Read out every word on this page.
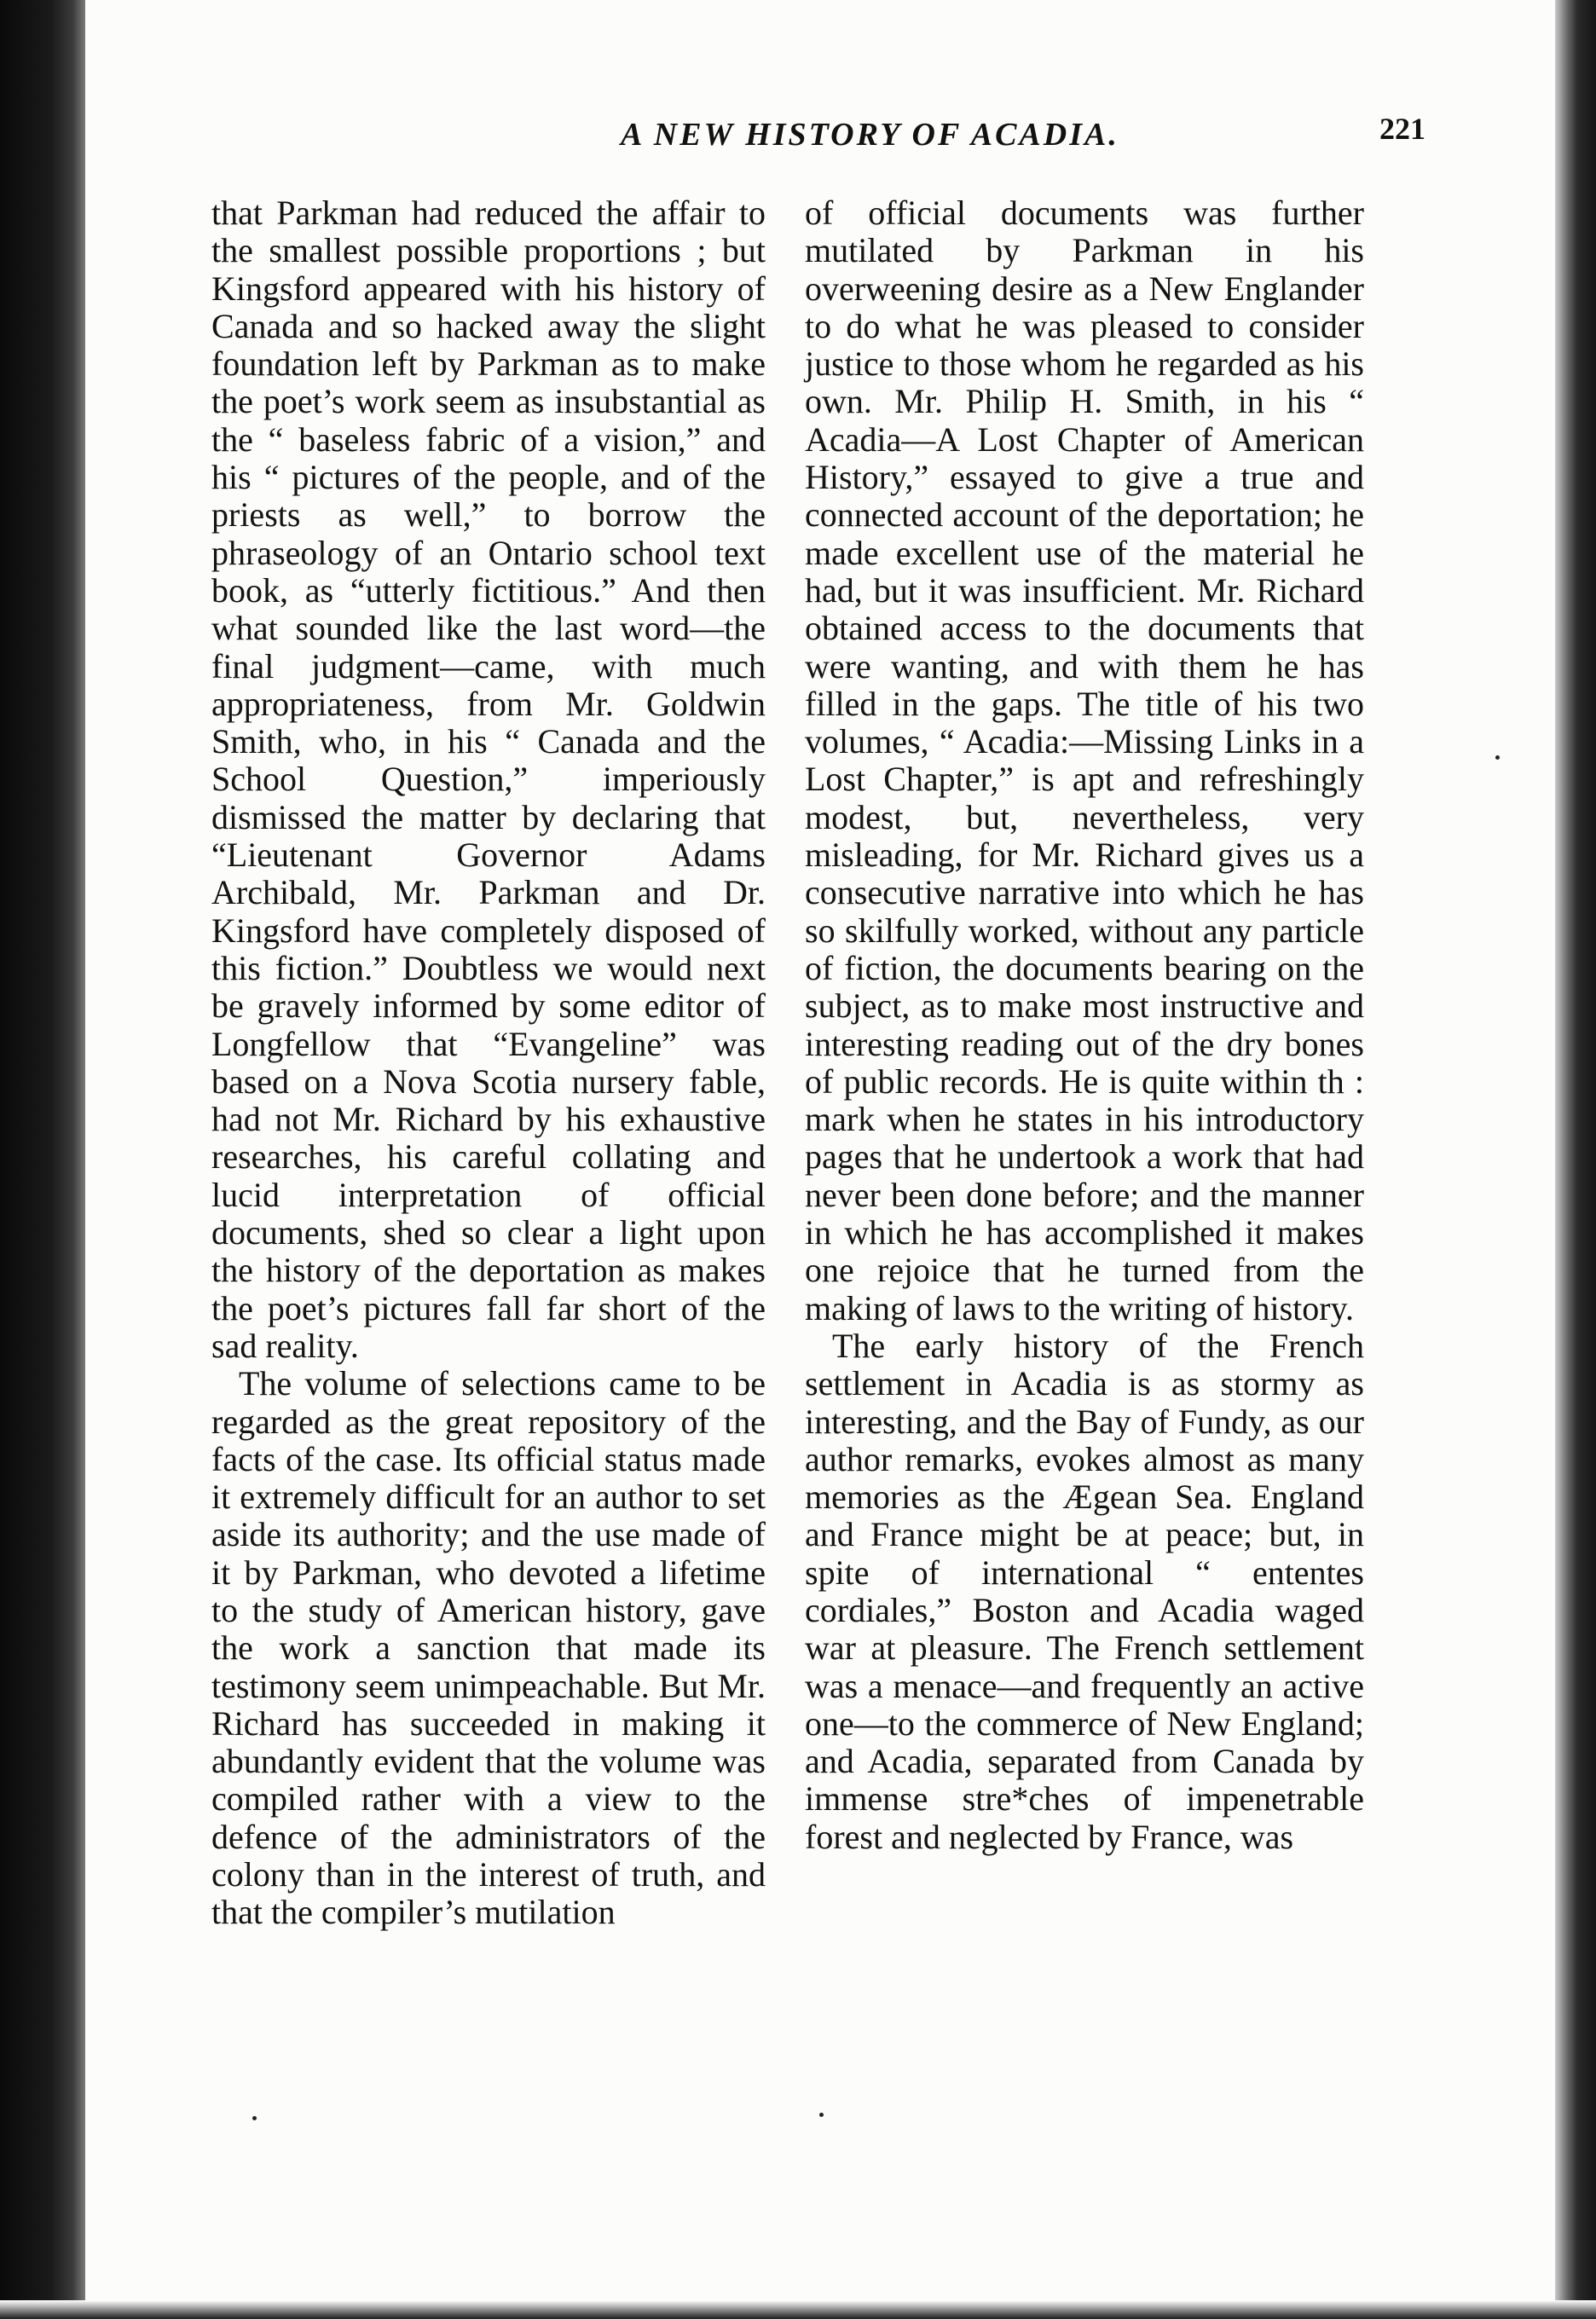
A NEW HISTORY OF ACADIA.	221

that Parkman had reduced the affair to the smallest possible proportions ; but Kingsford appeared with his history of Canada and so hacked away the slight foundation left by Parkman as to make the poet’s work seem as insubstantial as the “ baseless fabric of a vision,” and his “ pictures of the people, and of the priests as well,” to borrow the phraseology of an Ontario school text book, as “utterly fictitious.” And then what sounded like the last word—the final judgment—came, with much appropriateness, from Mr. Goldwin Smith, who, in his “ Canada and the School Question,” imperiously dismissed the matter by declaring that “Lieutenant Governor Adams Archibald, Mr. Parkman and Dr. Kingsford have completely disposed of this fiction.” Doubtless we would next be gravely informed by some editor of Longfellow that “Evangeline” was based on a Nova Scotia nursery fable, had not Mr. Richard by his exhaustive researches, his careful collating and lucid interpretation of official documents, shed so clear a light upon the history of the deportation as makes the poet’s pictures fall far short of the sad reality.

The volume of selections came to be regarded as the great repository of the facts of the case. Its official status made it extremely difficult for an author to set aside its authority; and the use made of it by Parkman, who devoted a lifetime to the study of American history, gave the work a sanction that made its testimony seem unimpeachable. But Mr. Richard has succeeded in making it abundantly evident that the volume was compiled rather with a view to the defence of the administrators of the colony than in the interest of truth, and that the compiler’s mutilation

of official documents was further mutilated by Parkman in his overweening desire as a New Englander to do what he was pleased to consider justice to those whom he regarded as his own. Mr. Philip H. Smith, in his “ Acadia—A Lost Chapter of American History,” essayed to give a true and connected account of the deportation; he made excellent use of the material he had, but it was insufficient. Mr. Richard obtained access to the documents that were wanting, and with them he has filled in the gaps. The title of his two volumes, “ Acadia:—Missing Links in a Lost Chapter,” is apt and refreshingly modest, but, nevertheless, very misleading, for Mr. Richard gives us a consecutive narrative into which he has so skilfully worked, without any particle of fiction, the documents bearing on the subject, as to make most instructive and interesting reading out of the dry bones of public records. He is quite within th : mark when he states in his introductory pages that he undertook a work that had never been done before; and the manner in which he has accomplished it makes one rejoice that he turned from the making of laws to the writing of history.

The early history of the French settlement in Acadia is as stormy as interesting, and the Bay of Fundy, as our author remarks, evokes almost as many memories as the Ægean Sea. England and France might be at peace; but, in spite of international “ ententes cordiales,” Boston and Acadia waged war at pleasure. The French settlement was a menace—and frequently an active one—to the commerce of New England; and Acadia, separated from Canada by immense stre*ches of impenetrable forest and neglected by France, was
